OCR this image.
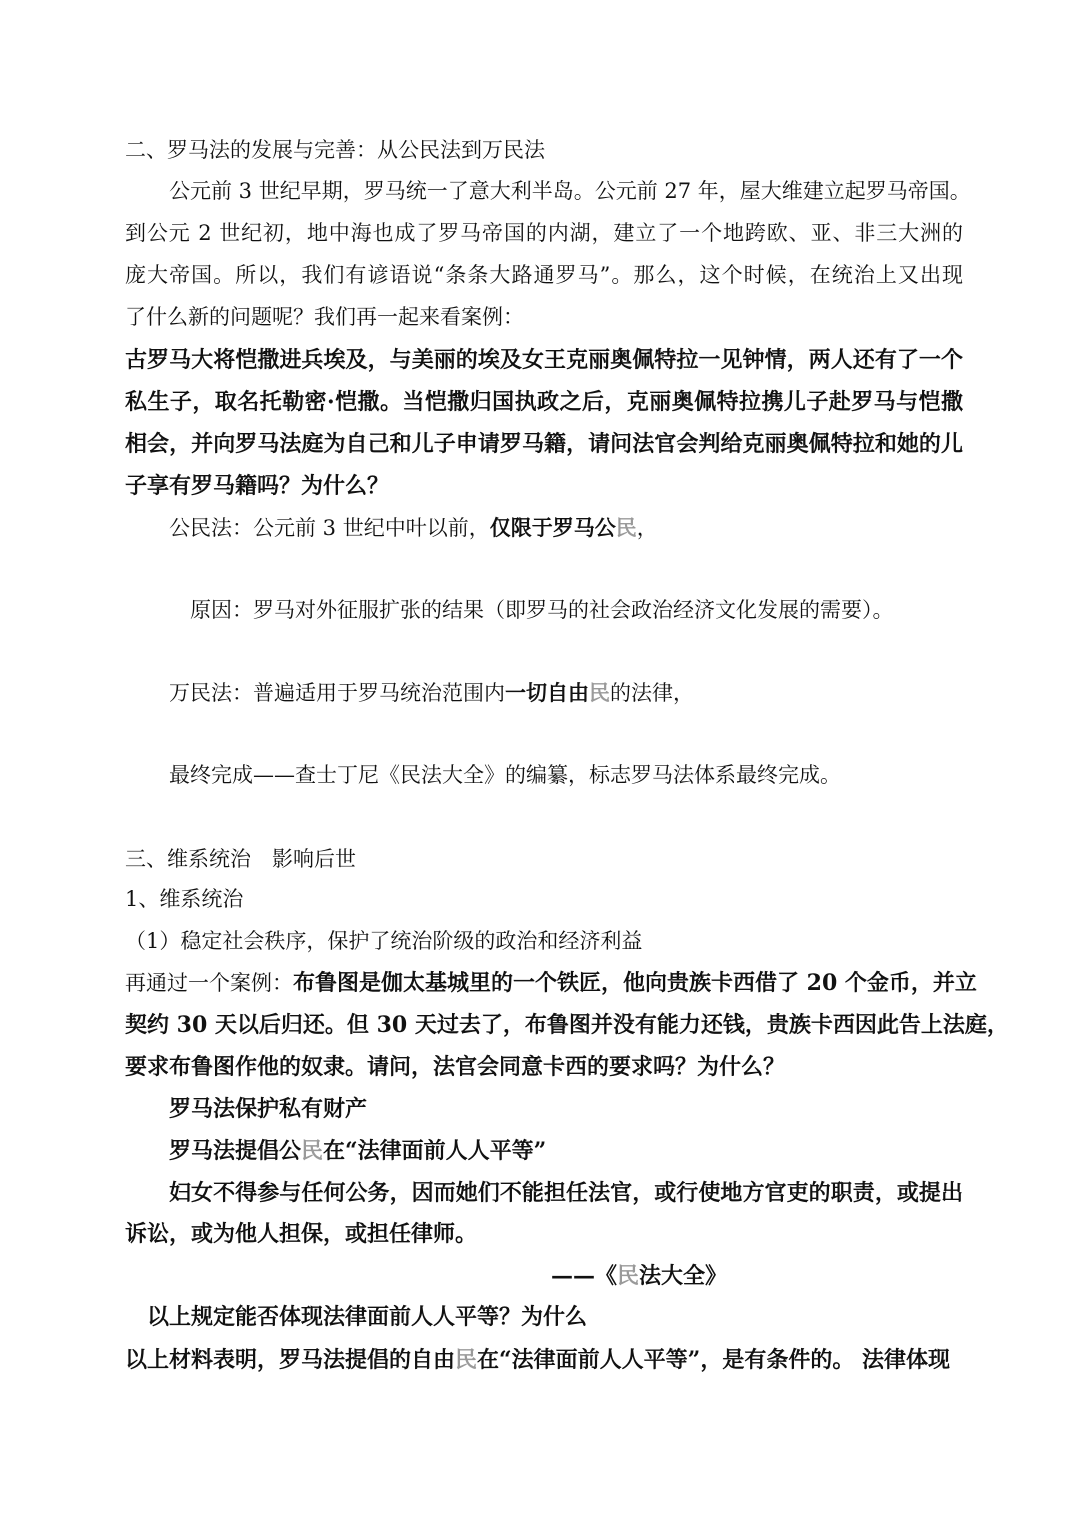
二、罗马法的发展与完善：从公民法到万民法
公元前 3 世纪早期，罗马统一了意大利半岛。公元前 27 年，屋大维建立起罗马帝国。
到公元 2 世纪初，地中海也成了罗马帝国的内湖，建立了一个地跨欧、亚、非三大洲的
庞大帝国。所以，我们有谚语说“条条大路通罗马”。那么，这个时候，在统治上又出现
了什么新的问题呢？我们再一起来看案例：
古罗马大将恺撒进兵埃及，与美丽的埃及女王克丽奥佩特拉一见钟情，两人还有了一个
私生子，取名托勒密·恺撒。当恺撒归国执政之后，克丽奥佩特拉携儿子赴罗马与恺撒
相会，并向罗马法庭为自己和儿子申请罗马籍，请问法官会判给克丽奥佩特拉和她的儿
子享有罗马籍吗？为什么？
公民法：公元前 3 世纪中叶以前，仅限于罗马公民，
原因：罗马对外征服扩张的结果（即罗马的社会政治经济文化发展的需要）。
万民法：普遍适用于罗马统治范围内一切自由民的法律，
最终完成——查士丁尼《民法大全》的编纂，标志罗马法体系最终完成。
三、维系统治　影响后世
1、维系统治
（1）稳定社会秩序，保护了统治阶级的政治和经济利益
再通过一个案例：布鲁图是伽太基城里的一个铁匠，他向贵族卡西借了 20 个金币，并立
契约 30 天以后归还。但 30 天过去了，布鲁图并没有能力还钱，贵族卡西因此告上法庭，
要求布鲁图作他的奴隶。请问，法官会同意卡西的要求吗？为什么？
罗马法保护私有财产
罗马法提倡公民在“法律面前人人平等”
妇女不得参与任何公务，因而她们不能担任法官，或行使地方官吏的职责，或提出
诉讼，或为他人担保，或担任律师。
——《民法大全》
以上规定能否体现法律面前人人平等？为什么
以上材料表明，罗马法提倡的自由民在“法律面前人人平等”，是有条件的。 法律体现
